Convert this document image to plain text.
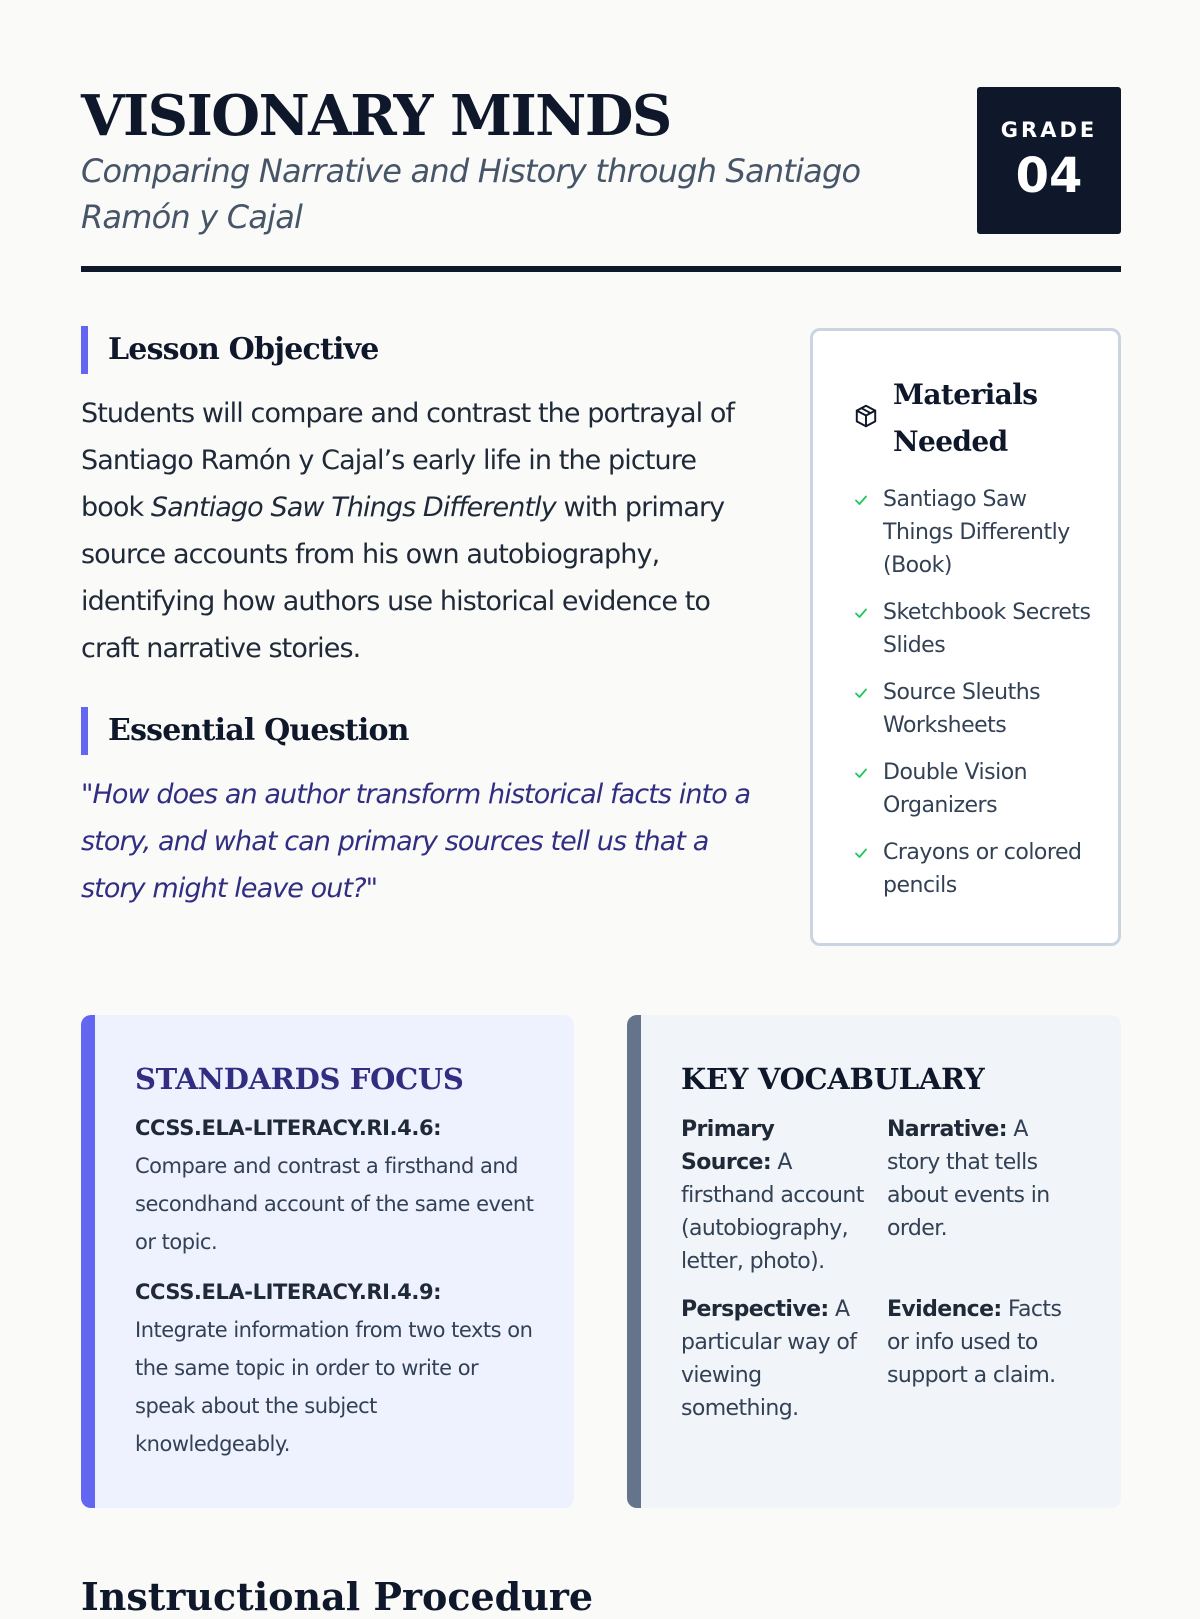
VISIONARY MINDS

Comparing Narrative and History through Santiago Ramón y Cajal

GRADE
04
Lesson Objective

Students will compare and contrast the portrayal of Santiago Ramón y Cajal’s early life in the picture book Santiago Saw Things Differently with primary source accounts from his own autobiography, identifying how authors use historical evidence to craft narrative stories.

Essential Question

"How does an author transform historical facts into a story, and what can primary sources tell us that a story might leave out?"

Materials Needed
Santiago Saw Things Differently (Book)
Sketchbook Secrets Slides
Source Sleuths Worksheets
Double Vision Organizers
Crayons or colored pencils
STANDARDS FOCUS
CCSS.ELA-LITERACY.RI.4.6:
Compare and contrast a firsthand and secondhand account of the same event or topic.
CCSS.ELA-LITERACY.RI.4.9:
Integrate information from two texts on the same topic in order to write or speak about the subject knowledgeably.
KEY VOCABULARY
Primary Source: A firsthand account (autobiography, letter, photo).
Narrative: A story that tells about events in order.
Perspective: A particular way of viewing something.
Evidence: Facts or info used to support a claim.
Instructional Procedure
